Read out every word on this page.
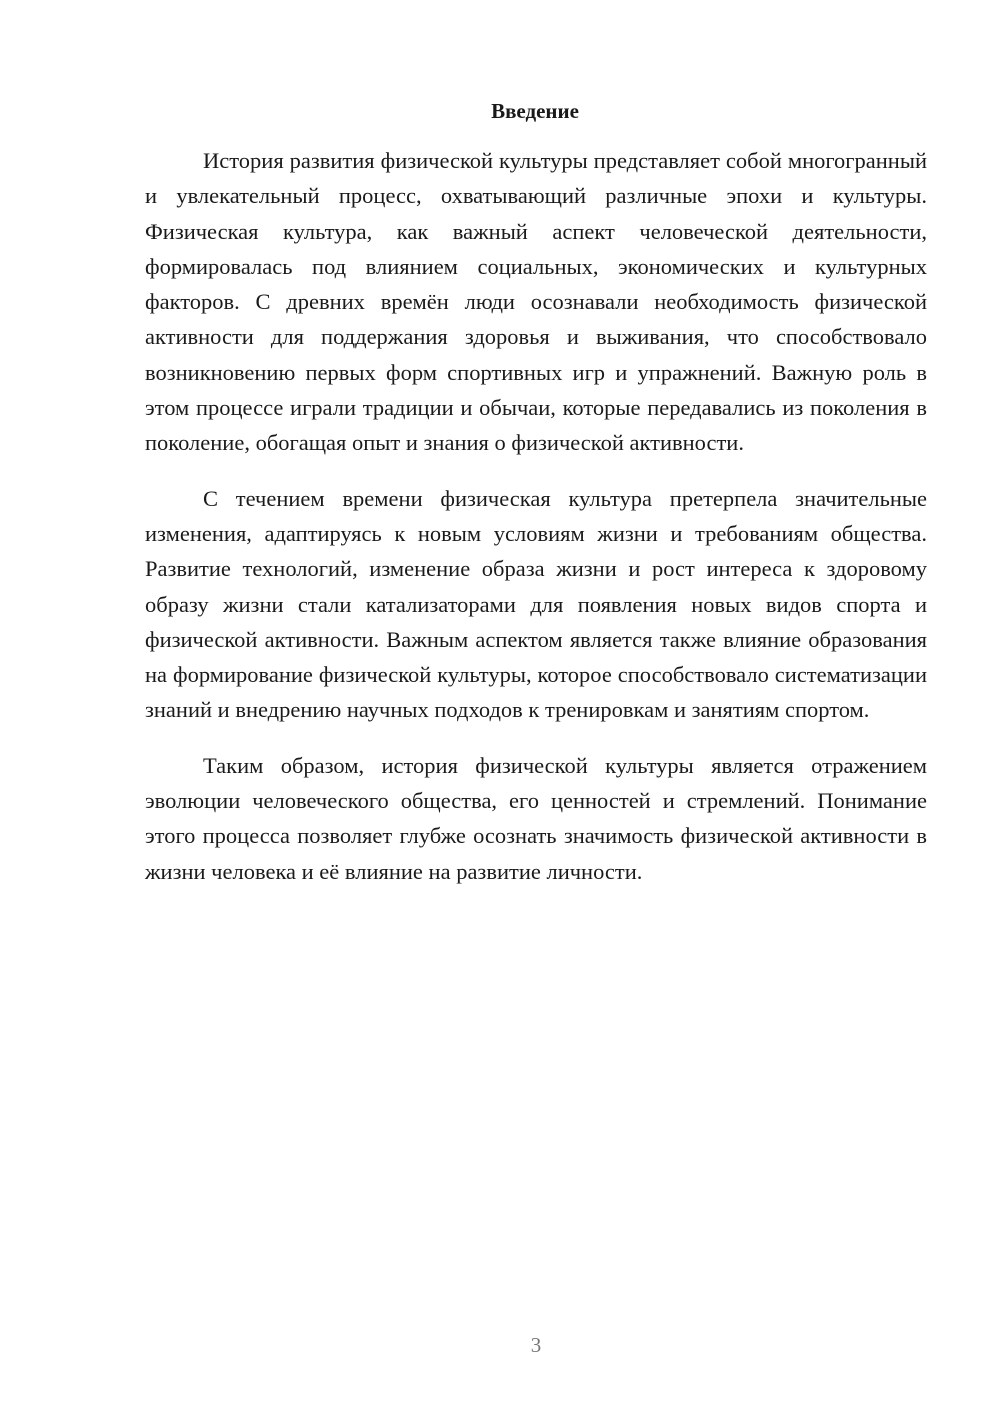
Введение

История развития физической культуры представляет собой многогранный и увлекательный процесс, охватывающий различные эпохи и культуры. Физическая культура, как важный аспект человеческой деятельности, формировалась под влиянием социальных, экономических и культурных факторов. С древних времён люди осознавали необходимость физической активности для поддержания здоровья и выживания, что способствовало возникновению первых форм спортивных игр и упражнений. Важную роль в этом процессе играли традиции и обычаи, которые передавались из поколения в поколение, обогащая опыт и знания о физической активности.

С течением времени физическая культура претерпела значительные изменения, адаптируясь к новым условиям жизни и требованиям общества. Развитие технологий, изменение образа жизни и рост интереса к здоровому образу жизни стали катализаторами для появления новых видов спорта и физической активности. Важным аспектом является также влияние образования на формирование физической культуры, которое способствовало систематизации знаний и внедрению научных подходов к тренировкам и занятиям спортом.

Таким образом, история физической культуры является отражением эволюции человеческого общества, его ценностей и стремлений. Понимание этого процесса позволяет глубже осознать значимость физической активности в жизни человека и её влияние на развитие личности.

3
